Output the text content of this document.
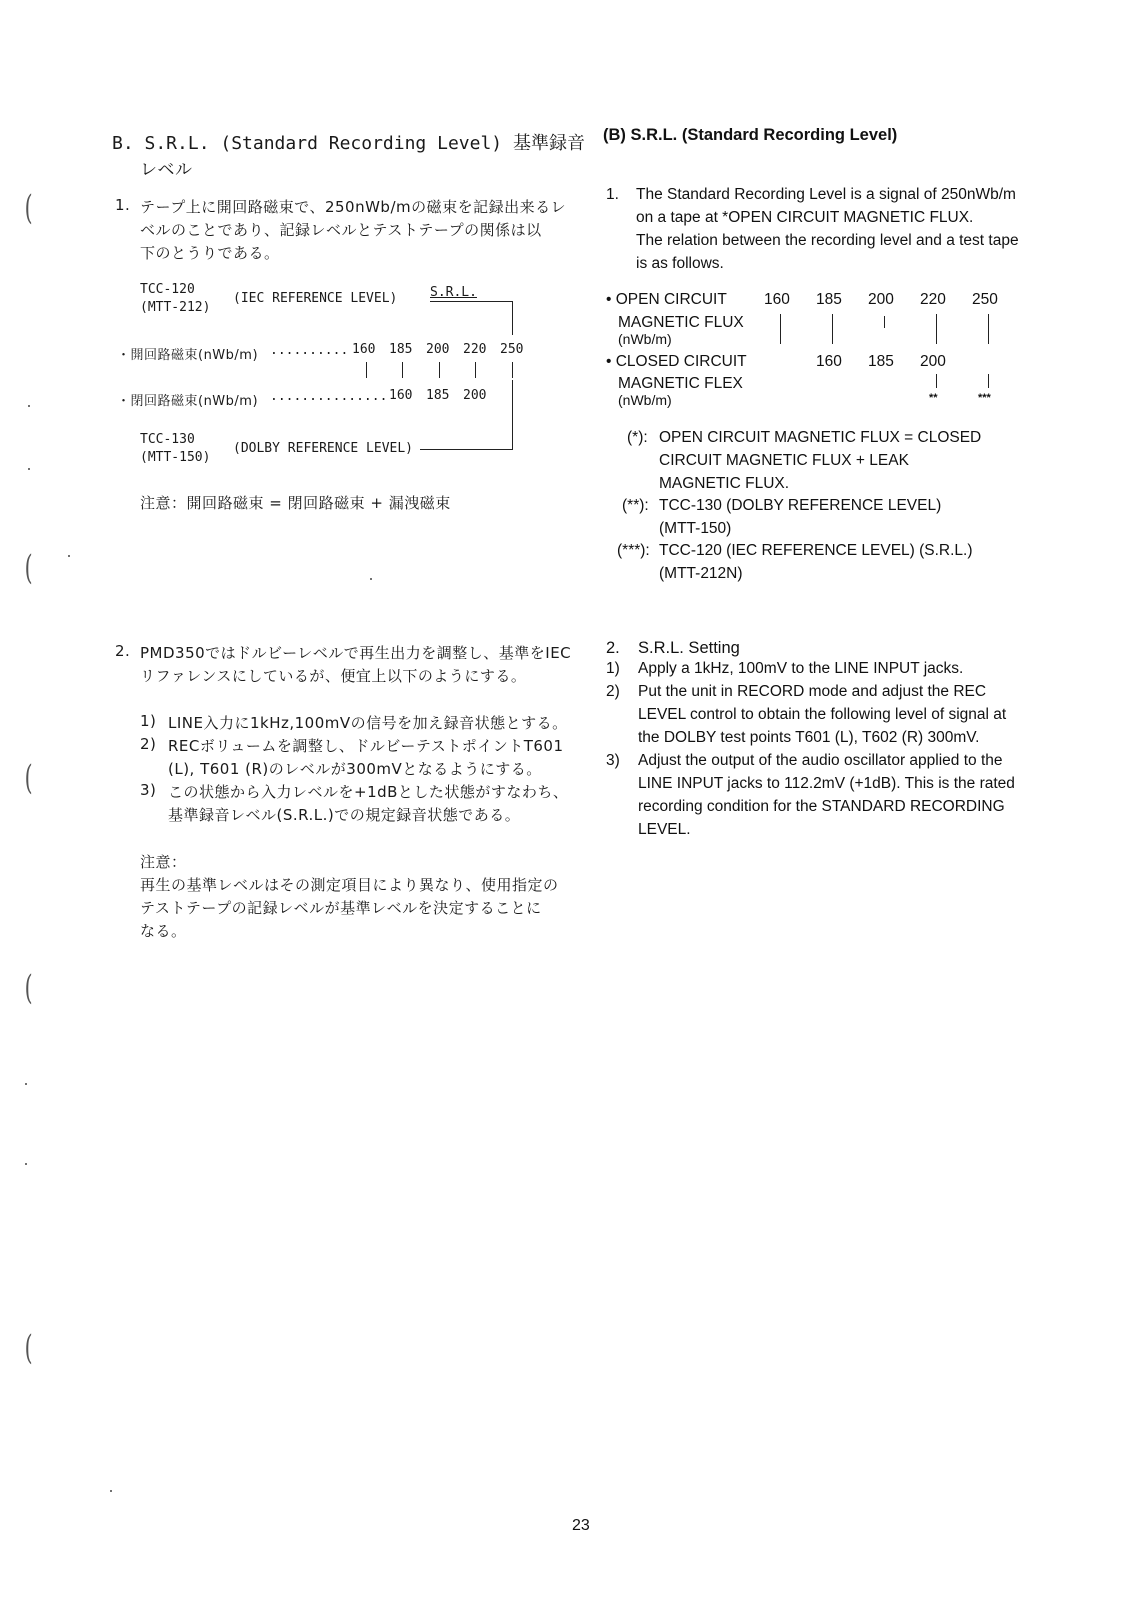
(
(
(
(
(
B. S.R.L. (Standard Recording Level) 基準録音
レベル
1. テープ上に開回路磁束で、250nWb/mの磁束を記録出来るレ
ベルのことであり、記録レベルとテストテープの関係は以
下のとうりである。
TCC-120
(MTT-212)
(IEC REFERENCE LEVEL)	S.R.L.
・開回路磁束(nWb/m) .......... 160 185 200 220 250
・閉回路磁束(nWb/m) ............... 160 185 200
TCC-130
(MTT-150)
(DOLBY REFERENCE LEVEL)
注意：開回路磁束 = 閉回路磁束 + 漏洩磁束
2. PMD350ではドルビーレベルで再生出力を調整し、基準をIEC
リファレンスにしているが、便宜上以下のようにする。
1) LINE入力に1kHz,100mVの信号を加え録音状態とする。
2) RECボリュームを調整し、ドルビーテストポイントT601
(L), T601 (R)のレベルが300mVとなるようにする。
3) この状態から入力レベルを+1dBとした状態がすなわち、
基準録音レベル(S.R.L.)での規定録音状態である。
注意：
再生の基準レベルはその測定項目により異なり、使用指定の
テストテープの記録レベルが基準レベルを決定することに
なる。
(B) S.R.L. (Standard Recording Level)
1. The Standard Recording Level is a signal of 250nWb/m
on a tape at *OPEN CIRCUIT MAGNETIC FLUX.
The relation between the recording level and a test tape
is as follows.
• OPEN CIRCUIT
MAGNETIC FLUX
(nWb/m)
160 185 200 220 250
• CLOSED CIRCUIT
MAGNETIC FLEX
(nWb/m)
160 185 200
**	***
(*): OPEN CIRCUIT MAGNETIC FLUX = CLOSED
CIRCUIT MAGNETIC FLUX + LEAK
MAGNETIC FLUX.
(**): TCC-130 (DOLBY REFERENCE LEVEL)
(MTT-150)
(***): TCC-120 (IEC REFERENCE LEVEL) (S.R.L.)
(MTT-212N)
2. S.R.L. Setting
1) Apply a 1kHz, 100mV to the LINE INPUT jacks.
2) Put the unit in RECORD mode and adjust the REC
LEVEL control to obtain the following level of signal at
the DOLBY test points T601 (L), T602 (R) 300mV.
3) Adjust the output of the audio oscillator applied to the
LINE INPUT jacks to 112.2mV (+1dB). This is the rated
recording condition for the STANDARD RECORDING
LEVEL.
23
